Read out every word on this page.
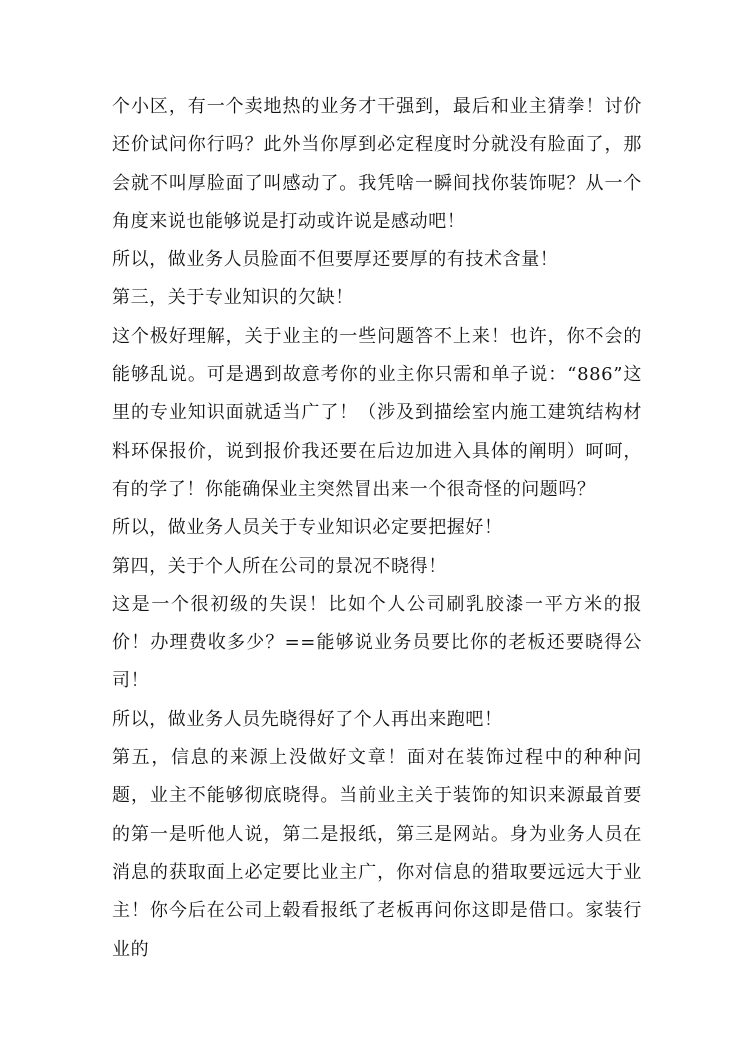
个小区，有一个卖地热的业务才干强到，最后和业主猜拳！讨价还价试问你行吗？此外当你厚到必定程度时分就没有脸面了，那会就不叫厚脸面了叫感动了。我凭啥一瞬间找你装饰呢？从一个角度来说也能够说是打动或许说是感动吧！

所以，做业务人员脸面不但要厚还要厚的有技术含量！

第三，关于专业知识的欠缺！

这个极好理解，关于业主的一些问题答不上来！也许，你不会的能够乱说。可是遇到故意考你的业主你只需和单子说：“886”这里的专业知识面就适当广了！（涉及到描绘室内施工建筑结构材料环保报价，说到报价我还要在后边加进入具体的阐明）呵呵，有的学了！你能确保业主突然冒出来一个很奇怪的问题吗？

所以，做业务人员关于专业知识必定要把握好！

第四，关于个人所在公司的景况不晓得！

这是一个很初级的失误！比如个人公司刷乳胶漆一平方米的报价！办理费收多少？==能够说业务员要比你的老板还要晓得公司！

所以，做业务人员先晓得好了个人再出来跑吧！

第五，信息的来源上没做好文章！面对在装饰过程中的种种问题，业主不能够彻底晓得。当前业主关于装饰的知识来源最首要的第一是听他人说，第二是报纸，第三是网站。身为业务人员在消息的获取面上必定要比业主广，你对信息的猎取要远远大于业主！你今后在公司上毂看报纸了老板再问你这即是借口。家装行业的
